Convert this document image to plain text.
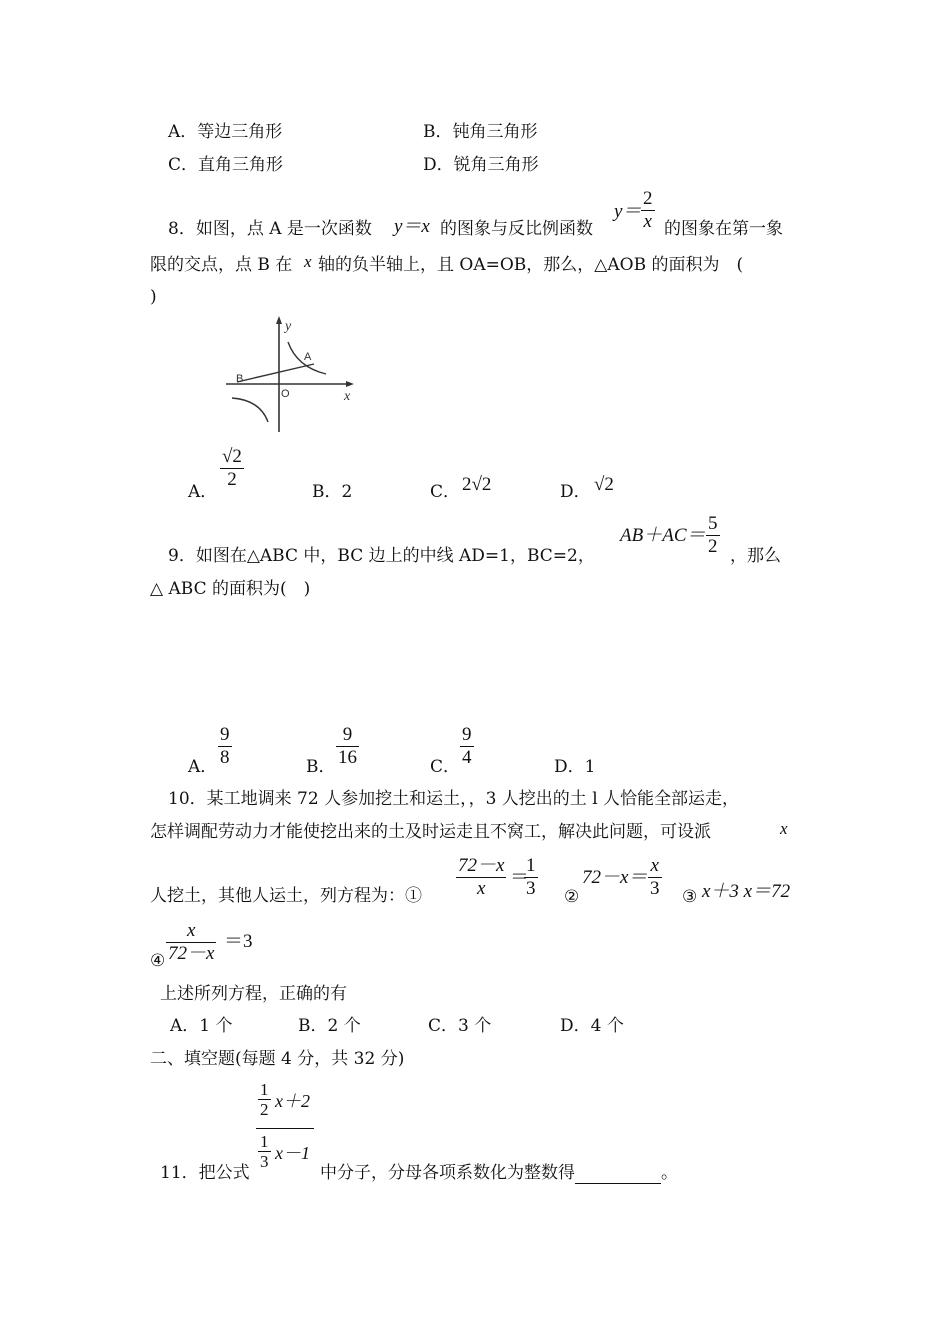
A．等边三角形	B．钝角三角形
C．直角三角形	D．锐角三角形
8．如图，点 A 是一次函数 y＝x 的图象与反比例函数
$y= \frac{2}{x}$ 的图象在第一象
限的交点，点 B 在 x 轴的负半轴上，且 OA=OB，那么，△AOB 的面积为　(
)
y
x
A
B
O
A．
$\frac{√2}{2}$
B．2	C． 2√2	D． √2
9．如图在△ABC 中，BC 边上的中线 AD=1，BC=2，
$AB+AC= \frac{5}{2}$ ，那么
△ ABC 的面积为(　)
A． $\frac{9}{8}$	B． $\frac{9}{16}$	C． $\frac{9}{4}$	D．1
10．某工地调来 72 人参加挖土和运土，，3 人挖出的土 l 人恰能全部运走，
怎样调配劳动力才能使挖出来的土及时运走且不窝工，解决此问题，可设派	x
人挖土，其他人运土，列方程为：① $\frac{72-x}{x}$ ＝
$\frac{1}{3}$ ②
$72-x= \frac{x}{3}$ ③ x＋3 x＝72
④ $\frac{x}{72-x} =3$
上述所列方程，正确的有
A．1 个	B．2 个	C．3 个	D．4 个
二、填空题(每题 4 分，共 32 分)
$\frac{1}{2} x+2$
$\frac{1}{3} x-1$
11．把公式	中分子，分母各项系数化为整数得	。
